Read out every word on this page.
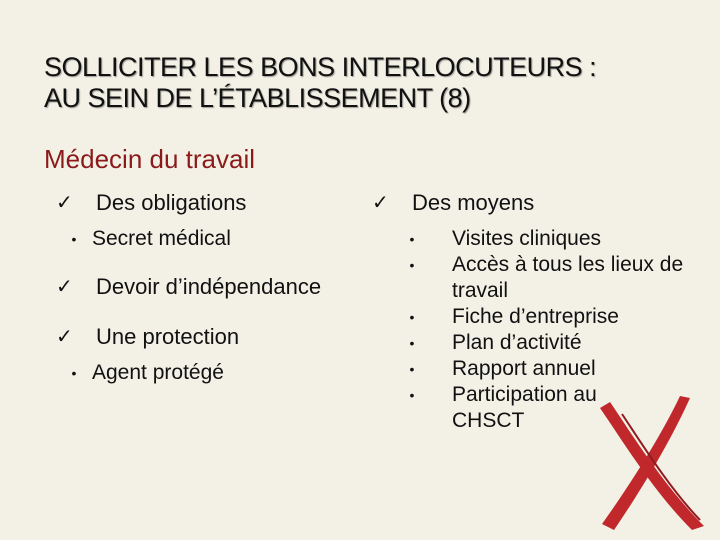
SOLLICITER LES BONS INTERLOCUTEURS :
AU SEIN DE L’ÉTABLISSEMENT (8)
Médecin du travail
✓	Des obligations
• Secret médical
✓	Devoir d’indépendance
✓	Une protection
• Agent protégé
✓	Des moyens
•	Visites cliniques
•	Accès à tous les lieux de travail
•	Fiche d’entreprise
•	Plan d’activité
•	Rapport annuel
•	Participation au CHSCT
